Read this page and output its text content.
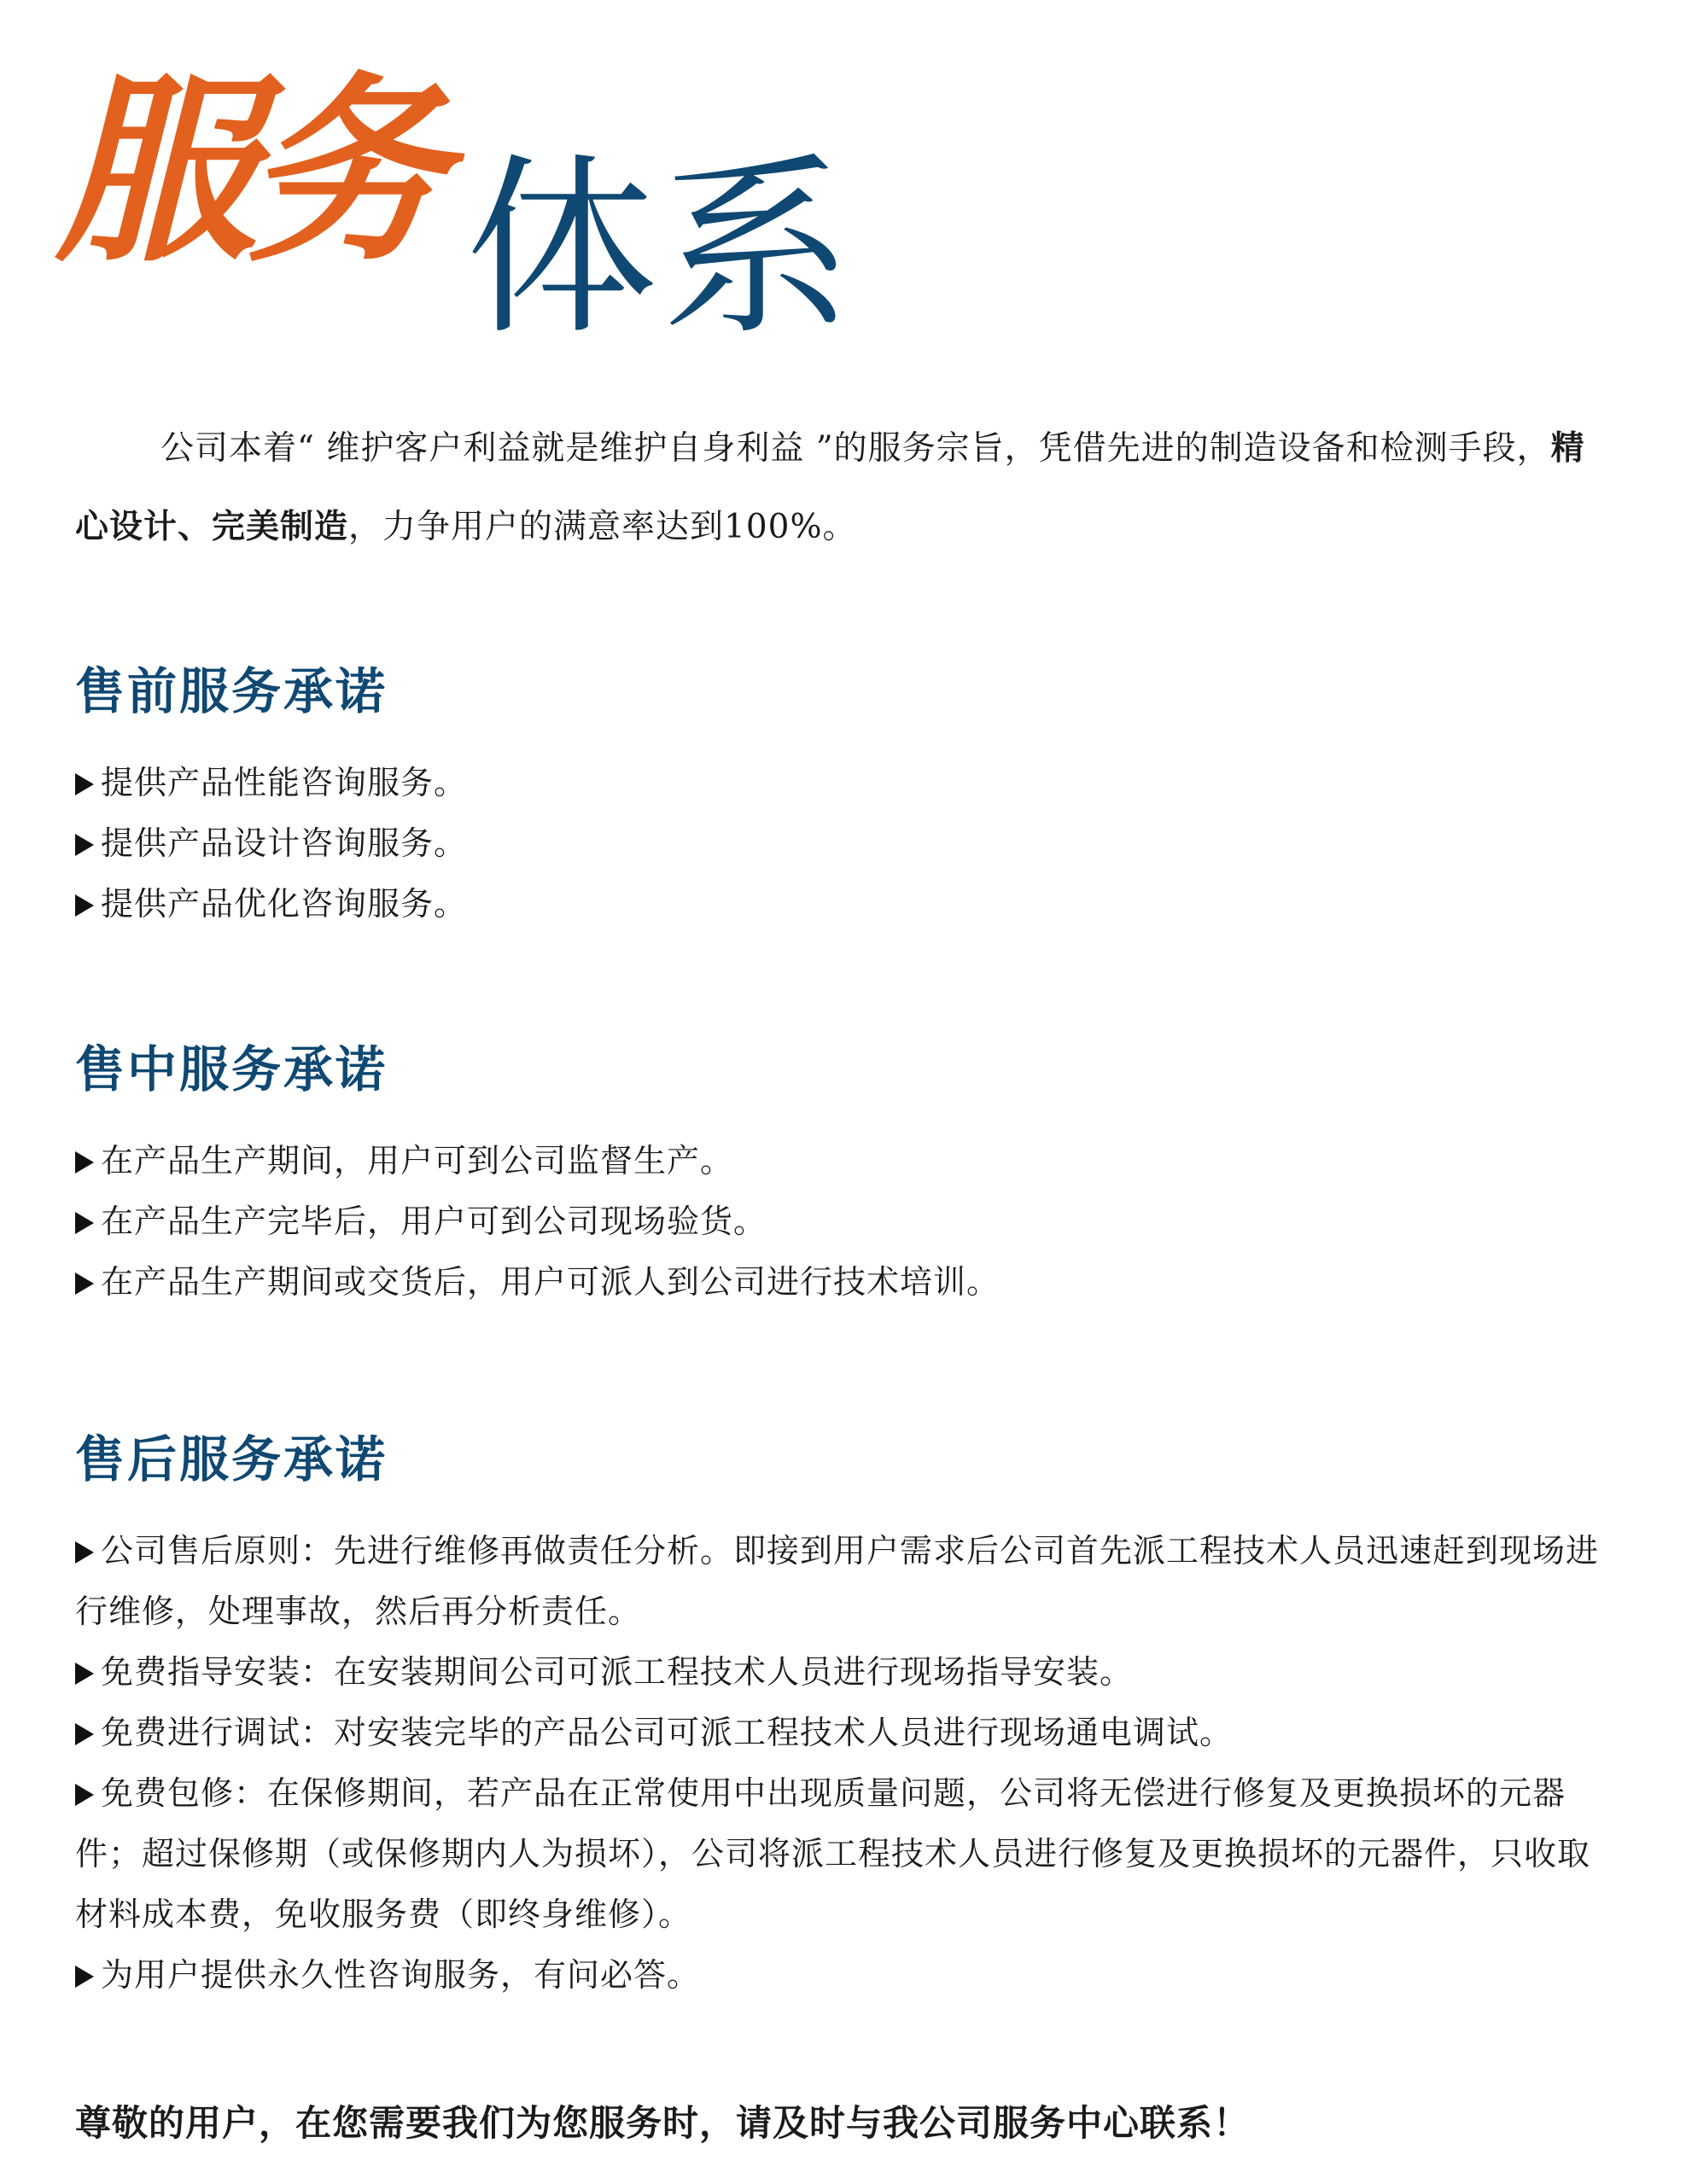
服务
体系

公司本着“ 维护客户利益就是维护自身利益 ”的服务宗旨，凭借先进的制造设备和检测手段，精心设计、完美制造，力争用户的满意率达到100%。

售前服务承诺
提供产品性能咨询服务。
提供产品设计咨询服务。
提供产品优化咨询服务。
售中服务承诺
在产品生产期间，用户可到公司监督生产。
在产品生产完毕后，用户可到公司现场验货。
在产品生产期间或交货后，用户可派人到公司进行技术培训。
售后服务承诺
公司售后原则：先进行维修再做责任分析。即接到用户需求后公司首先派工程技术人员迅速赶到现场进行维修，处理事故，然后再分析责任。
免费指导安装：在安装期间公司可派工程技术人员进行现场指导安装。
免费进行调试：对安装完毕的产品公司可派工程技术人员进行现场通电调试。
免费包修：在保修期间，若产品在正常使用中出现质量问题，公司将无偿进行修复及更换损坏的元器件；超过保修期（或保修期内人为损坏），公司将派工程技术人员进行修复及更换损坏的元器件，只收取材料成本费，免收服务费（即终身维修）。
为用户提供永久性咨询服务，有问必答。

尊敬的用户，在您需要我们为您服务时，请及时与我公司服务中心联系！
